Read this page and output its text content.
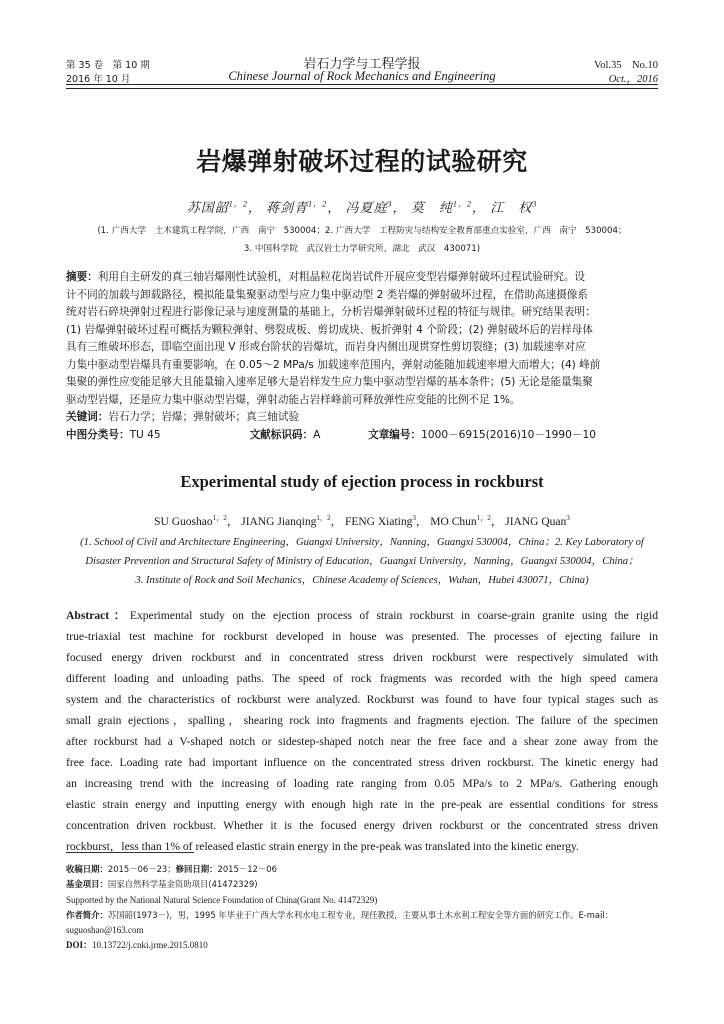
第 35 卷　第 10 期
2016 年 10 月
岩石力学与工程学报
Chinese Journal of Rock Mechanics and Engineering
Vol.35　No.10
Oct.，2016
岩爆弹射破坏过程的试验研究
苏国韶$^{1,2}$， 蒋剑青$^{1,2}$， 冯夏庭$^3$， 莫　纯$^{1,2}$， 江　权$^3$
(1. 广西大学　土木建筑工程学院，广西　南宁　530004；2. 广西大学　工程防灾与结构安全教育部重点实验室，广西　南宁　530004；
3. 中国科学院　武汉岩土力学研究所，湖北　武汉　430071)
摘要：利用自主研发的真三轴岩爆刚性试验机，对粗晶粒花岗岩试件开展应变型岩爆弹射破坏过程试验研究。设
计不同的加载与卸载路径，模拟能量集聚驱动型与应力集中驱动型 2 类岩爆的弹射破坏过程，在借助高速摄像系
统对岩石碎块弹射过程进行影像记录与速度测量的基础上，分析岩爆弹射破坏过程的特征与规律。研究结果表明：
(1) 岩爆弹射破坏过程可概括为颗粒弹射、劈裂成板、剪切成块、板折弹射 4 个阶段；(2) 弹射破坏后的岩样母体
具有三维破坏形态，即临空面出现 V 形或台阶状的岩爆坑，而岩身内侧出现贯穿性剪切裂缝；(3) 加载速率对应
力集中驱动型岩爆具有重要影响，在 0.05～2 MPa/s 加载速率范围内，弹射动能随加载速率增大而增大；(4) 峰前
集聚的弹性应变能足够大且能量输入速率足够大是岩样发生应力集中驱动型岩爆的基本条件；(5) 无论是能量集聚
驱动型岩爆，还是应力集中驱动型岩爆，弹射动能占岩样峰前可释放弹性应变能的比例不足 1%。
关键词：岩石力学；岩爆；弹射破坏；真三轴试验
中图分类号：TU 45	文献标识码：A	文章编号：1000－6915(2016)10－1990－10
Experimental study of ejection process in rockburst
SU Guoshao$^{1,2}$， JIANG Jianqing$^{1,2}$， FENG Xiating$^3$， MO Chun$^{1,2}$， JIANG Quan$^3$
(1. School of Civil and Architecture Engineering，Guangxi University，Nanning，Guangxi 530004，China；2. Key Laboratory of
Disaster Prevention and Structural Safety of Ministry of Education，Guangxi University，Nanning，Guangxi 530004，China；
3. Institute of Rock and Soil Mechanics，Chinese Academy of Sciences，Wuhan，Hubei 430071，China)
Abstract：Experimental study on the ejection process of strain rockburst in coarse-grain granite using the rigid
true-triaxial test machine for rockburst developed in house was presented. The processes of ejecting failure in
focused energy driven rockburst and in concentrated stress driven rockburst were respectively simulated with
different loading and unloading paths. The speed of rock fragments was recorded with the high speed camera
system and the characteristics of rockburst were analyzed. Rockburst was found to have four typical stages such as
small grain ejections，spalling，shearing rock into fragments and fragments ejection. The failure of the specimen
after rockburst had a V-shaped notch or sidestep-shaped notch near the free face and a shear zone away from the
free face. Loading rate had important influence on the concentrated stress driven rockburst. The kinetic energy had
an increasing trend with the increasing of loading rate ranging from 0.05 MPa/s to 2 MPa/s. Gathering enough
elastic strain energy and inputting energy with enough high rate in the pre-peak are essential conditions for stress
concentration driven rockbust. Whether it is the focused energy driven rockburst or the concentrated stress driven
rockburst，less than 1% of released elastic strain energy in the pre-peak was translated into the kinetic energy.
收稿日期：2015－06－23；修回日期：2015－12－06
基金项目：国家自然科学基金资助项目(41472329)
Supported by the National Natural Science Foundation of China(Grant No. 41472329)
作者简介：苏国韶(1973－)，男，1995 年毕业于广西大学水利水电工程专业，现任教授，主要从事土木水利工程安全等方面的研究工作。E-mail：
suguoshao@163.com
DOI：10.13722/j.cnki.jrme.2015.0810
